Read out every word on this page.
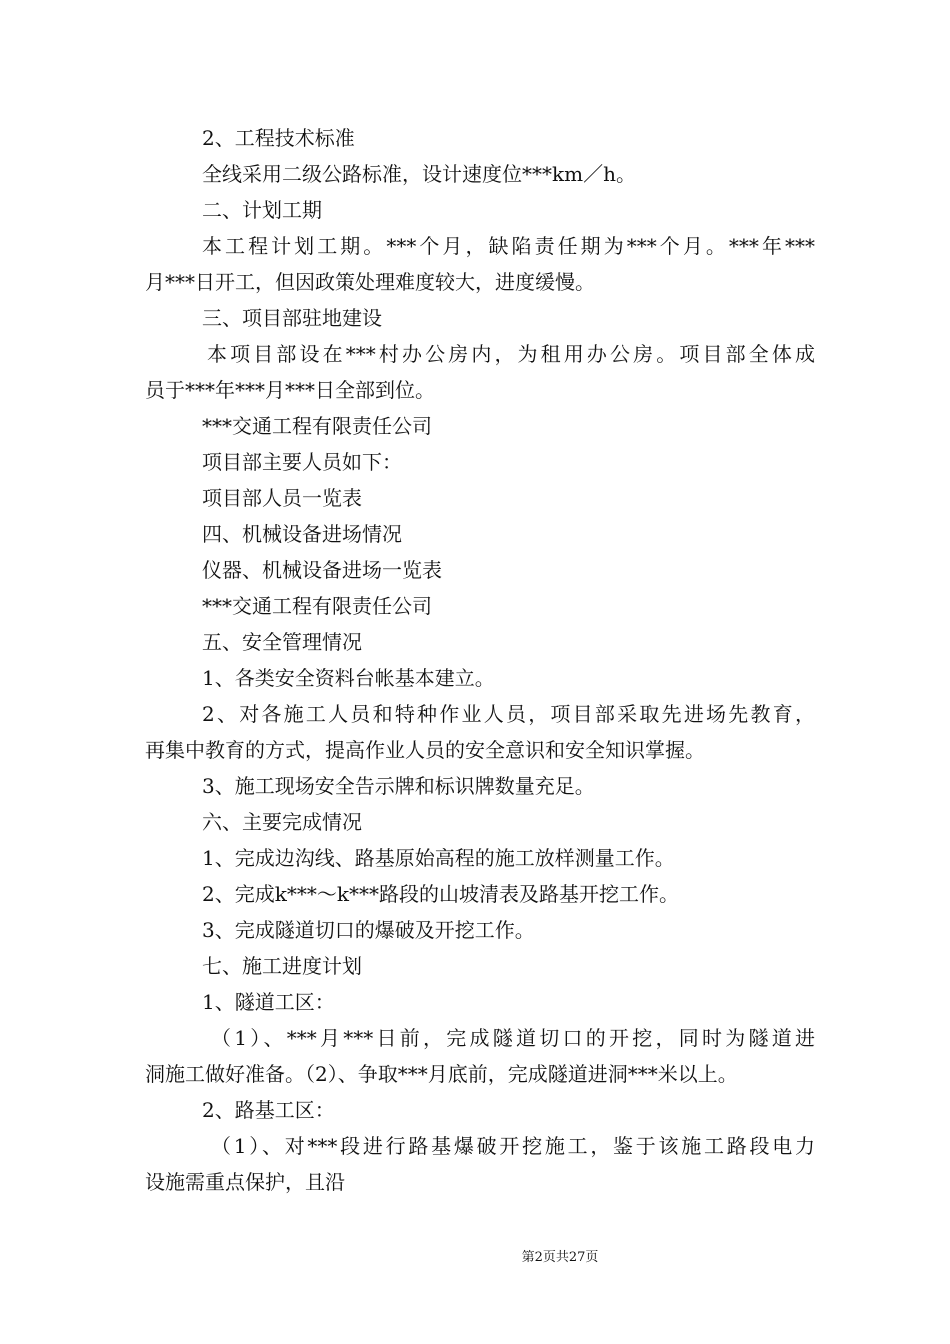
2、工程技术标准
全线采用二级公路标准，设计速度位***km／h。
二、计划工期
本工程计划工期。***个月，缺陷责任期为***个月。***年***
月***日开工，但因政策处理难度较大，进度缓慢。
三、项目部驻地建设
本项目部设在***村办公房内，为租用办公房。项目部全体成
员于***年***月***日全部到位。
***交通工程有限责任公司
项目部主要人员如下：
项目部人员一览表
四、机械设备进场情况
仪器、机械设备进场一览表
***交通工程有限责任公司
五、安全管理情况
1、各类安全资料台帐基本建立。
2、对各施工人员和特种作业人员，项目部采取先进场先教育，
再集中教育的方式，提高作业人员的安全意识和安全知识掌握。
3、施工现场安全告示牌和标识牌数量充足。
六、主要完成情况
1、完成边沟线、路基原始高程的施工放样测量工作。
2、完成k***～k***路段的山坡清表及路基开挖工作。
3、完成隧道切口的爆破及开挖工作。
七、施工进度计划
1、隧道工区：
（1）、***月***日前，完成隧道切口的开挖，同时为隧道进
洞施工做好准备。（2）、争取***月底前，完成隧道进洞***米以上。
2、路基工区：
（1）、对***段进行路基爆破开挖施工，鉴于该施工路段电力
设施需重点保护，且沿
第2页共27页
